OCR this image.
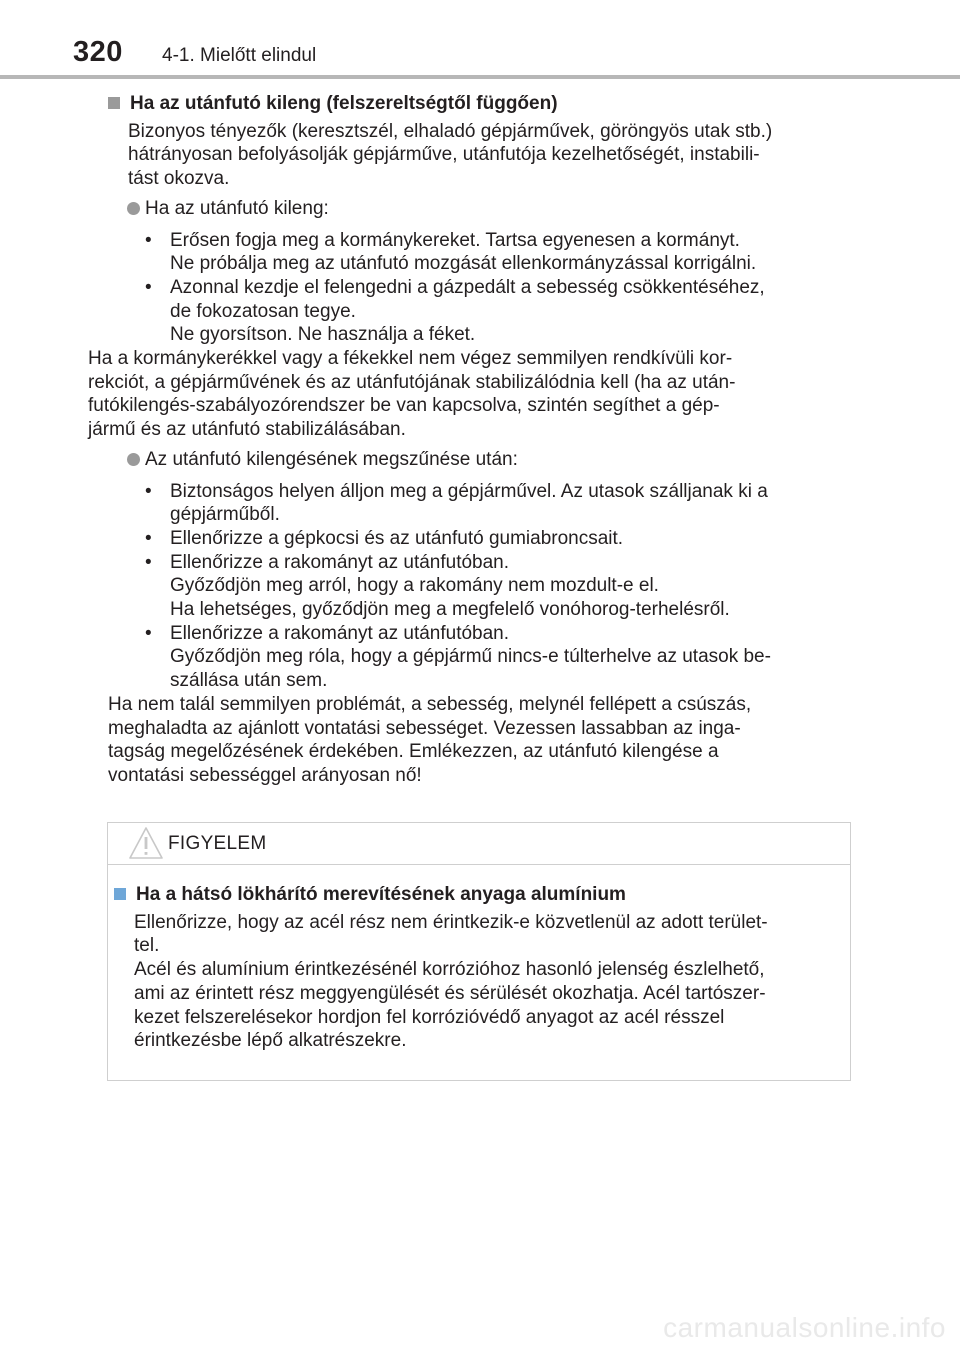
320 4-1. Mielőtt elindul
Ha az utánfutó kileng (felszereltségtől függően)
Bizonyos tényezők (keresztszél, elhaladó gépjárművek, göröngyös utak stb.)
hátrányosan befolyásolják gépjárműve, utánfutója kezelhetőségét, instabili-
tást okozva.
Ha az utánfutó kileng:
• Erősen fogja meg a kormánykereket. Tartsa egyenesen a kormányt.
Ne próbálja meg az utánfutó mozgását ellenkormányzással korrigálni.
• Azonnal kezdje el felengedni a gázpedált a sebesség csökkentéséhez,
de fokozatosan tegye.
Ne gyorsítson. Ne használja a féket.
Ha a kormánykerékkel vagy a fékekkel nem végez semmilyen rendkívüli kor-
rekciót, a gépjárművének és az utánfutójának stabilizálódnia kell (ha az után-
futókilengés-szabályozórendszer be van kapcsolva, szintén segíthet a gép-
jármű és az utánfutó stabilizálásában.
Az utánfutó kilengésének megszűnése után:
• Biztonságos helyen álljon meg a gépjárművel. Az utasok szálljanak ki a
gépjárműből.
• Ellenőrizze a gépkocsi és az utánfutó gumiabroncsait.
• Ellenőrizze a rakományt az utánfutóban.
Győződjön meg arról, hogy a rakomány nem mozdult-e el.
Ha lehetséges, győződjön meg a megfelelő vonóhorog-terhelésről.
• Ellenőrizze a rakományt az utánfutóban.
Győződjön meg róla, hogy a gépjármű nincs-e túlterhelve az utasok be-
szállása után sem.
Ha nem talál semmilyen problémát, a sebesség, melynél fellépett a csúszás,
meghaladta az ajánlott vontatási sebességet. Vezessen lassabban az inga-
tagság megelőzésének érdekében. Emlékezzen, az utánfutó kilengése a
vontatási sebességgel arányosan nő!
FIGYELEM
Ha a hátsó lökhárító merevítésének anyaga alumínium
Ellenőrizze, hogy az acél rész nem érintkezik-e közvetlenül az adott terület-
tel.
Acél és alumínium érintkezésénél korrózióhoz hasonló jelenség észlelhető,
ami az érintett rész meggyengülését és sérülését okozhatja. Acél tartószer-
kezet felszerelésekor hordjon fel korrózióvédő anyagot az acél résszel
érintkezésbe lépő alkatrészekre.
carmanualsonline.info
